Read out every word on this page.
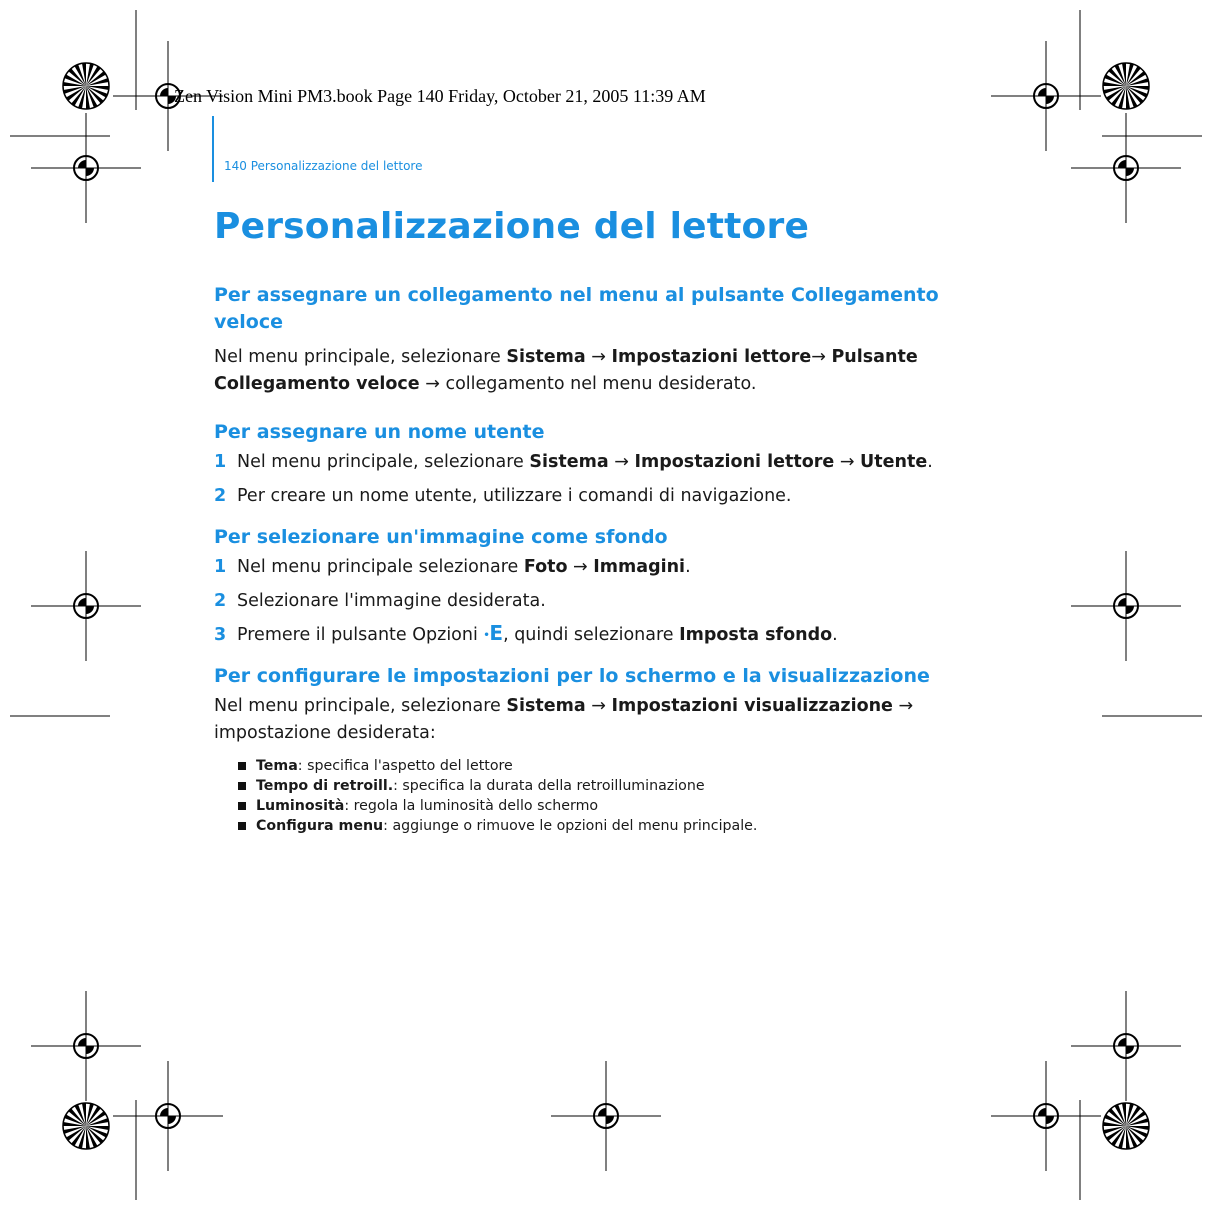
Zen Vision Mini PM3.book Page 140 Friday, October 21, 2005 11:39 AM
140 Personalizzazione del lettore
Personalizzazione del lettore
Per assegnare un collegamento nel menu al pulsante Collegamento veloce

Nel menu principale, selezionare Sistema → Impostazioni lettore→ Pulsante Collegamento veloce → collegamento nel menu desiderato.

Per assegnare un nome utente
1 Nel menu principale, selezionare Sistema → Impostazioni lettore → Utente.
2 Per creare un nome utente, utilizzare i comandi di navigazione.
Per selezionare un'immagine come sfondo
1 Nel menu principale selezionare Foto → Immagini.
2 Selezionare l'immagine desiderata.
3 Premere il pulsante Opzioni • E, quindi selezionare Imposta sfondo.
Per configurare le impostazioni per lo schermo e la visualizzazione

Nel menu principale, selezionare Sistema → Impostazioni visualizzazione → impostazione desiderata:

Tema: specifica l'aspetto del lettore
Tempo di retroill.: specifica la durata della retroilluminazione
Luminosità: regola la luminosità dello schermo
Configura menu: aggiunge o rimuove le opzioni del menu principale.
